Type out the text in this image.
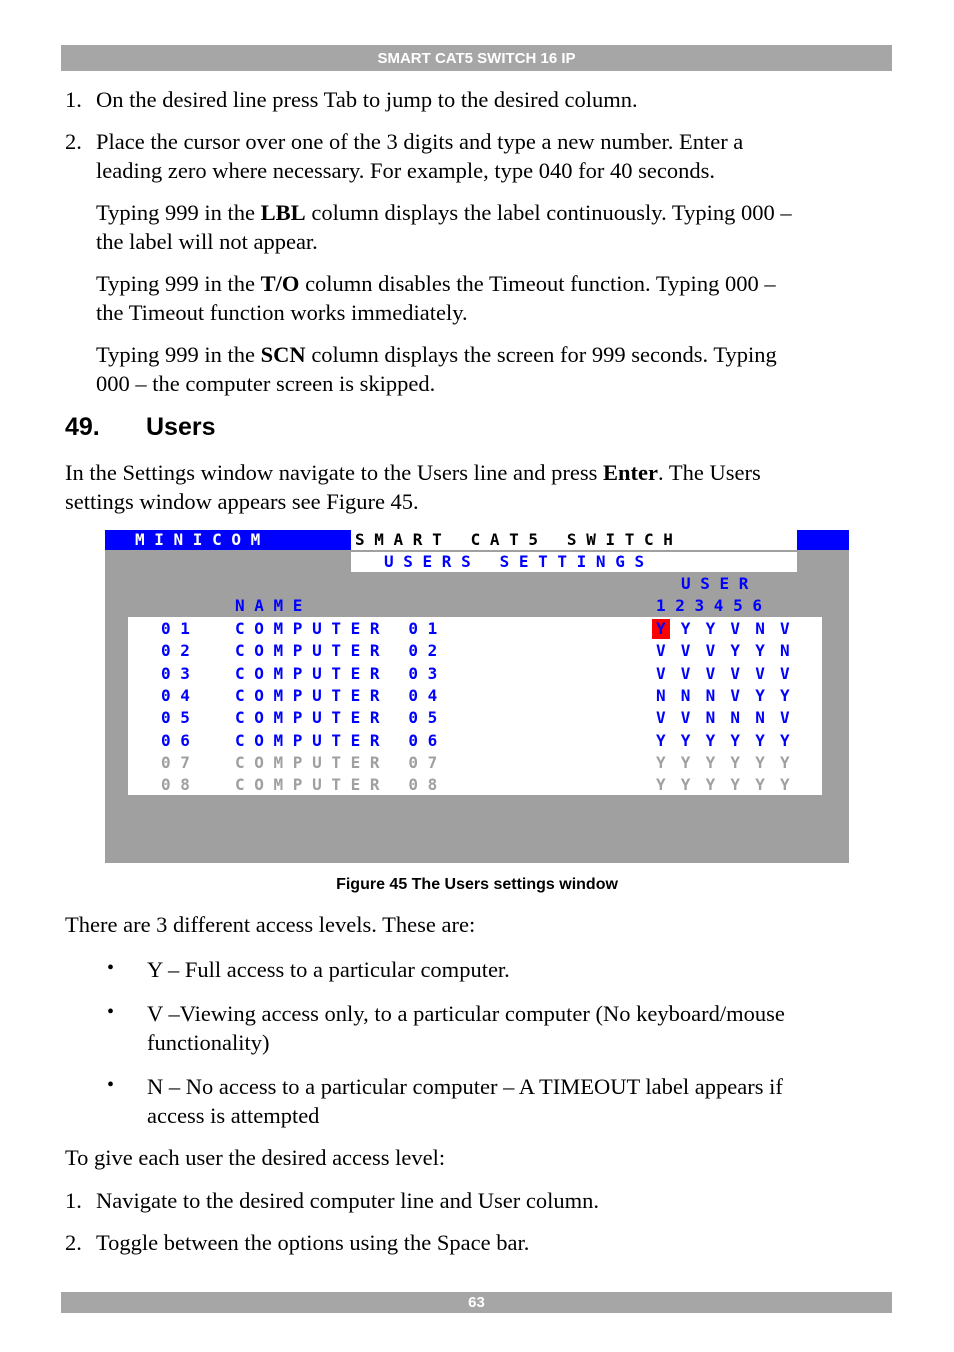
SMART CAT5 SWITCH 16 IP
1. On the desired line press Tab to jump to the desired column.
2. Place the cursor over one of the 3 digits and type a new number. Enter a
leading zero where necessary. For example, type 040 for 40 seconds.
Typing 999 in the LBL column displays the label continuously. Typing 000 –
the label will not appear.
Typing 999 in the T/O column disables the Timeout function. Typing 000 –
the Timeout function works immediately.
Typing 999 in the SCN column displays the screen for 999 seconds. Typing
000 – the computer screen is skipped.
49. Users
In the Settings window navigate to the Users line and press Enter. The Users
settings window appears see Figure 45.
M I N I C O M	S M A R T   C A T 5   S W I T C H
U S E R S   S E T T I N G S
U S E R
N A M E	1 2 3 4 5 6
0 1	C O M P U T E R   0 1	Y Y Y V N V
0 2	C O M P U T E R   0 2	V V V Y Y N
0 3	C O M P U T E R   0 3	V V V V V V
0 4	C O M P U T E R   0 4	N N N V Y Y
0 5	C O M P U T E R   0 5	V V N N N V
0 6	C O M P U T E R   0 6	Y Y Y Y Y Y
0 7	C O M P U T E R   0 7	Y Y Y Y Y Y
0 8	C O M P U T E R   0 8	Y Y Y Y Y Y
Figure 45 The Users settings window
There are 3 different access levels. These are:
• Y – Full access to a particular computer.
• V –Viewing access only, to a particular computer (No keyboard/mouse
functionality)
• N – No access to a particular computer – A TIMEOUT label appears if
access is attempted
To give each user the desired access level:
1. Navigate to the desired computer line and User column.
2. Toggle between the options using the Space bar.
63
